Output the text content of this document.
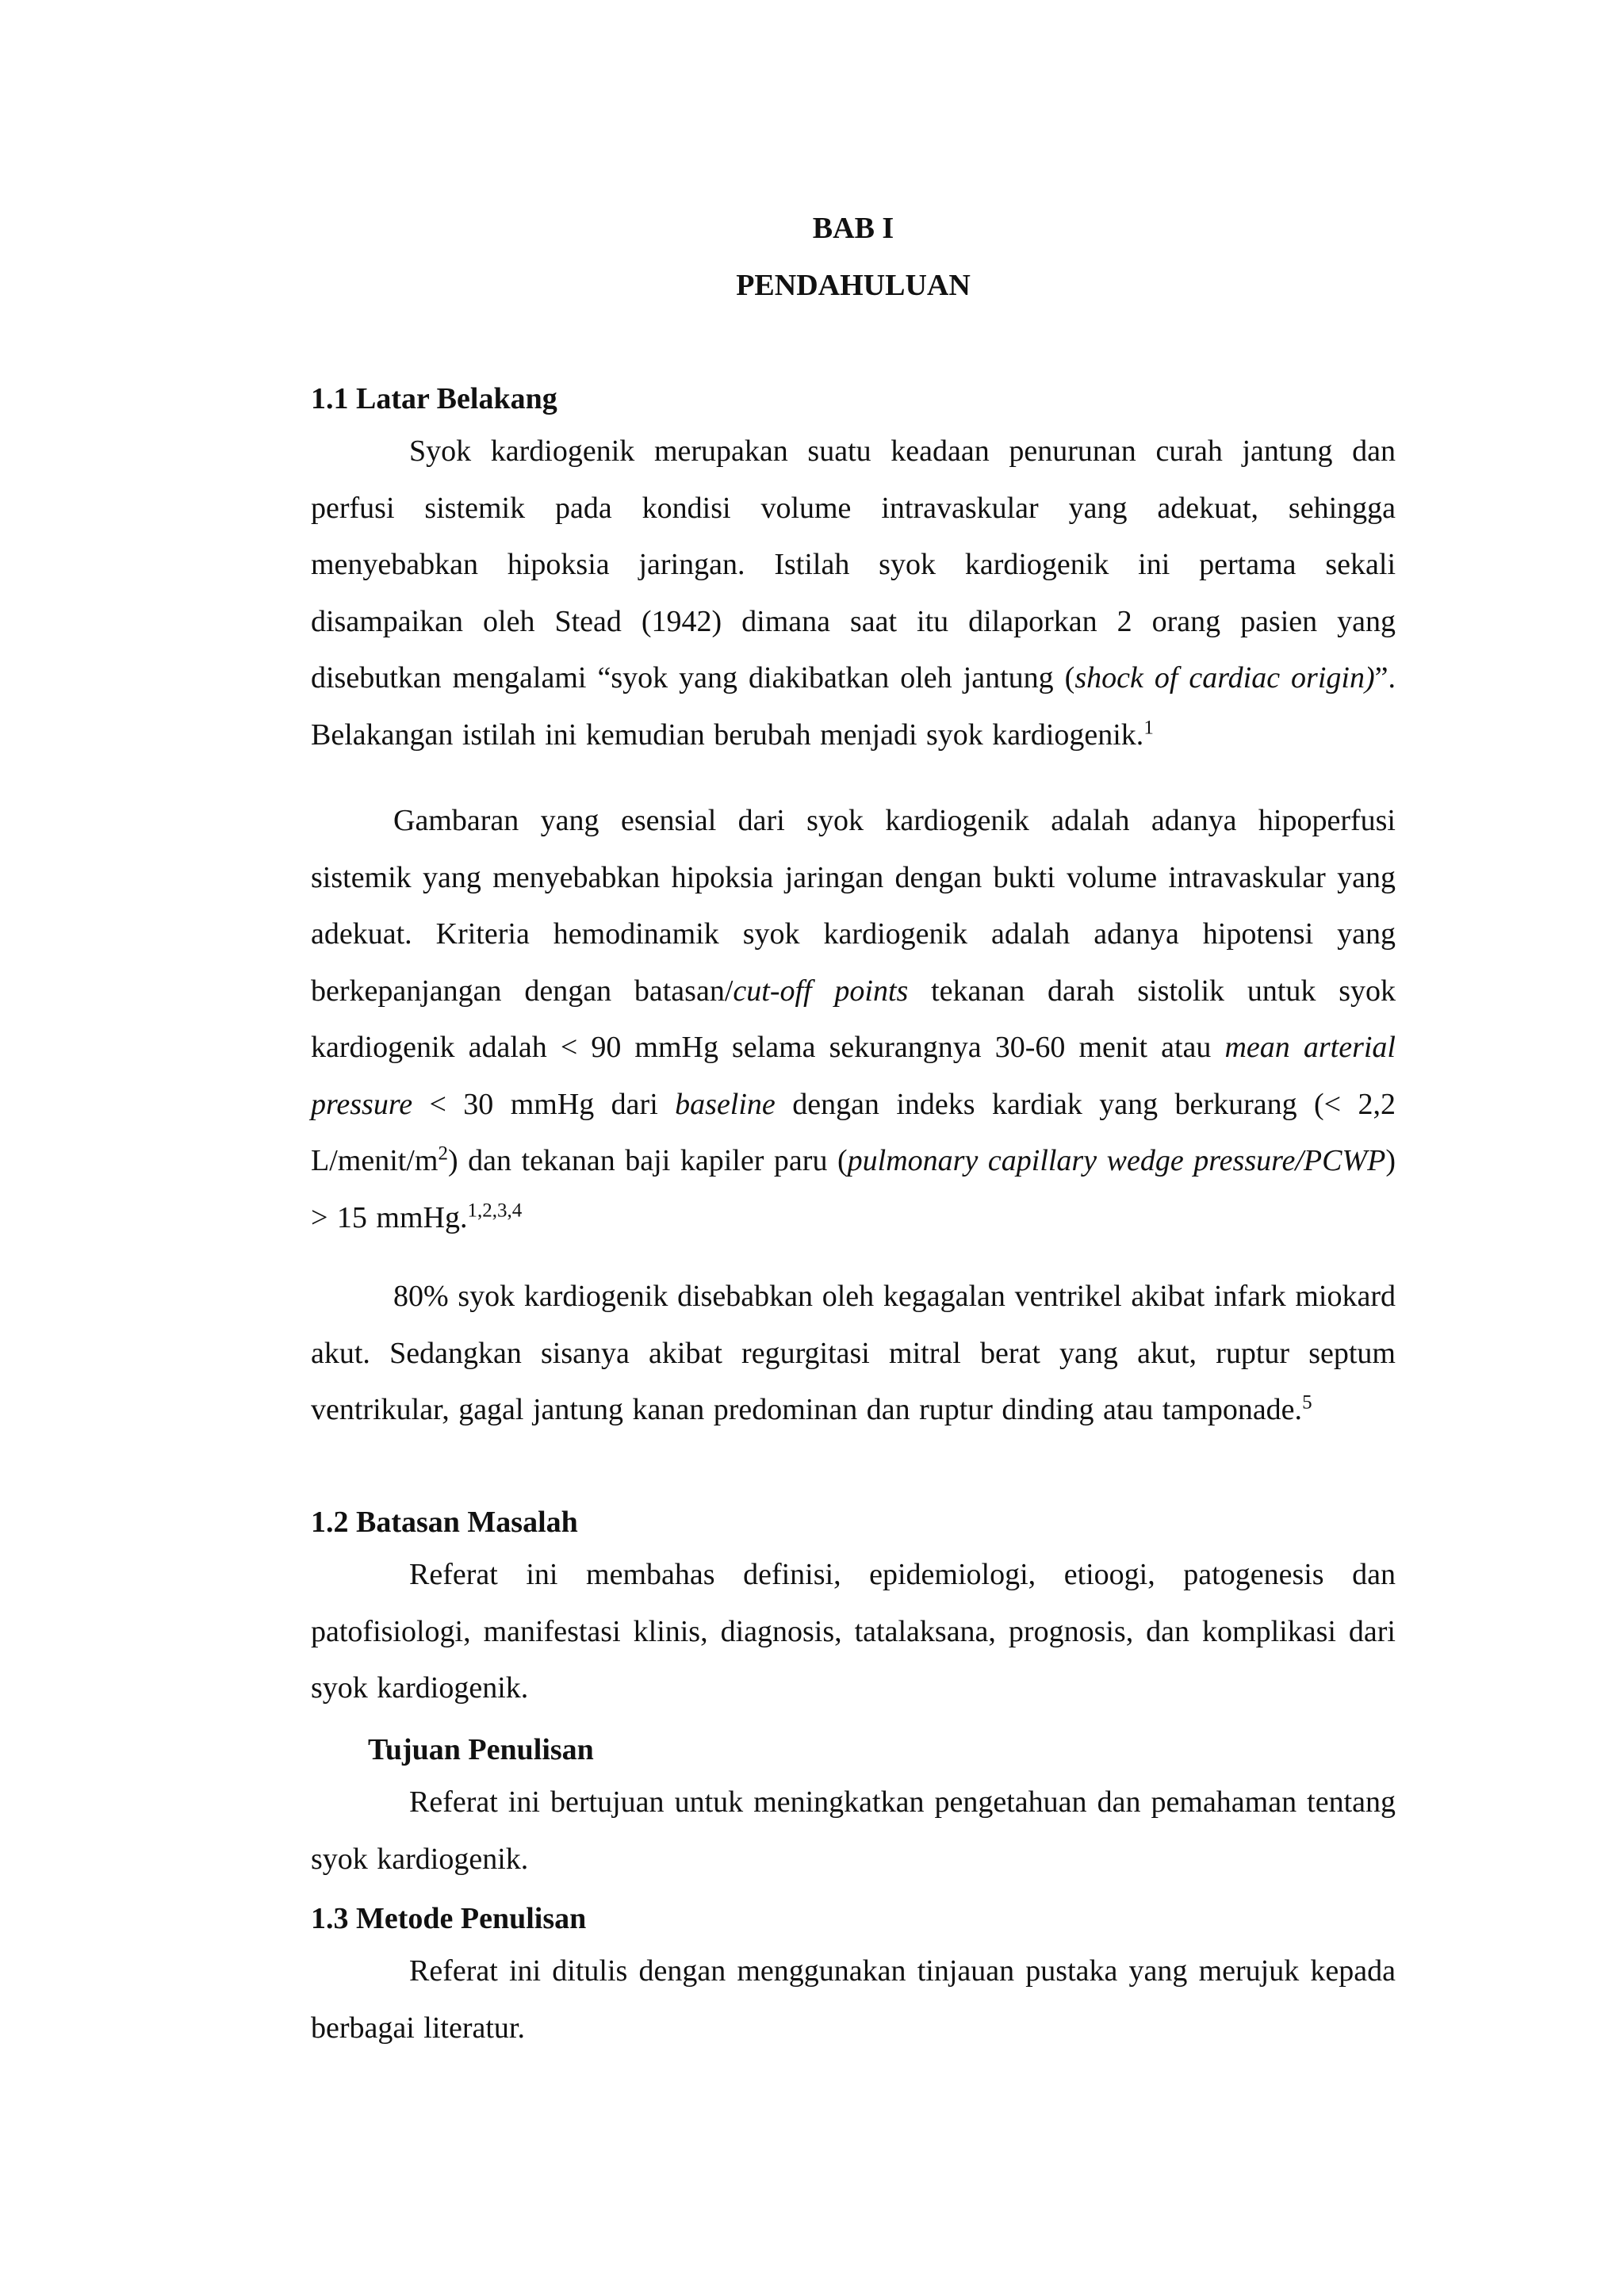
BAB I
PENDAHULUAN
1.1 Latar Belakang

Syok kardiogenik merupakan suatu keadaan penurunan curah jantung dan perfusi sistemik pada kondisi volume intravaskular yang adekuat, sehingga menyebabkan hipoksia jaringan. Istilah syok kardiogenik ini pertama sekali disampaikan oleh Stead (1942) dimana saat itu dilaporkan 2 orang pasien yang disebutkan mengalami “syok yang diakibatkan oleh jantung (shock of cardiac origin)”. Belakangan istilah ini kemudian berubah menjadi syok kardiogenik.$^1$

Gambaran yang esensial dari syok kardiogenik adalah adanya hipoperfusi sistemik yang menyebabkan hipoksia jaringan dengan bukti volume intravaskular yang adekuat. Kriteria hemodinamik syok kardiogenik adalah adanya hipotensi yang berkepanjangan dengan batasan/cut-off points tekanan darah sistolik untuk syok kardiogenik adalah < 90 mmHg selama sekurangnya 30-60 menit atau mean arterial pressure < 30 mmHg dari baseline dengan indeks kardiak yang berkurang (< 2,2 $L/menit/m^2$) dan tekanan baji kapiler paru (pulmonary capillary wedge pressure/PCWP) > 15 mmHg.$^{1,2,3,4}$

80% syok kardiogenik disebabkan oleh kegagalan ventrikel akibat infark miokard akut. Sedangkan sisanya akibat regurgitasi mitral berat yang akut, ruptur septum ventrikular, gagal jantung kanan predominan dan ruptur dinding atau tamponade.$^5$

1.2 Batasan Masalah

Referat ini membahas definisi, epidemiologi, etioogi, patogenesis dan patofisiologi, manifestasi klinis, diagnosis, tatalaksana, prognosis, dan komplikasi dari syok kardiogenik.

Tujuan Penulisan

Referat ini bertujuan untuk meningkatkan pengetahuan dan pemahaman tentang syok kardiogenik.

1.3 Metode Penulisan

Referat ini ditulis dengan menggunakan tinjauan pustaka yang merujuk kepada berbagai literatur.
